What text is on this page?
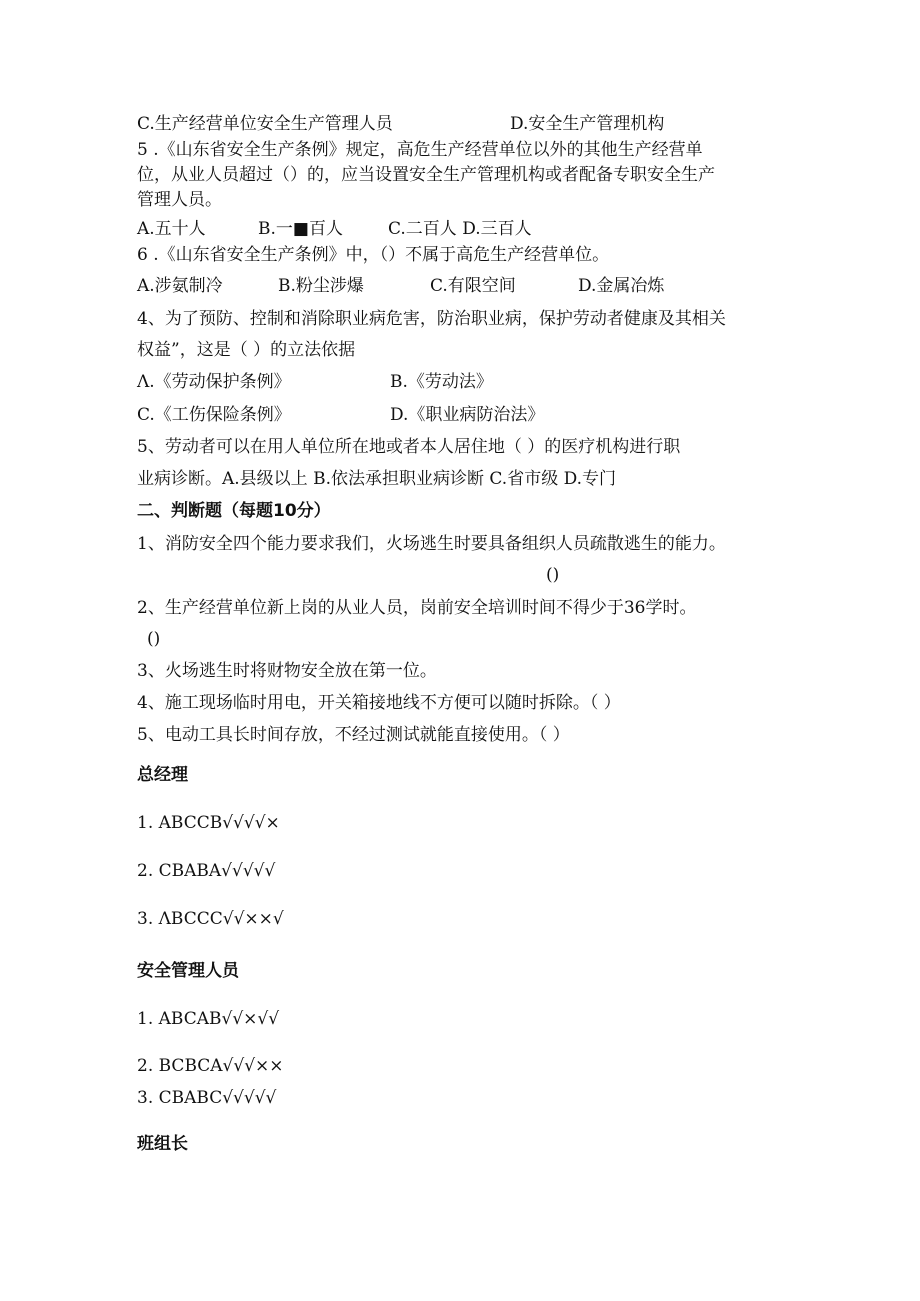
C.生产经营单位安全生产管理人员	D.安全生产管理机构
5 .《山东省安全生产条例》规定，高危生产经营单位以外的其他生产经营单
位，从业人员超过（）的，应当设置安全生产管理机构或者配备专职安全生产
管理人员。
A.五十人	B.一■百人	C.二百人 D.三百人
6 .《山东省安全生产条例》中，（）不属于高危生产经营单位。
A.涉氨制冷	B.粉尘涉爆	C.有限空间	D.金属冶炼
4、为了预防、控制和消除职业病危害，防治职业病，保护劳动者健康及其相关
权益”，这是（ ）的立法依据
Λ.《劳动保护条例》	B.《劳动法》
C.《工伤保险条例》	D.《职业病防治法》
5、劳动者可以在用人单位所在地或者本人居住地（ ）的医疗机构进行职
业病诊断。A.县级以上 B.依法承担职业病诊断 C.省市级 D.专门
二、判断题（每题10分）
1、消防安全四个能力要求我们，火场逃生时要具备组织人员疏散逃生的能力。
()
2、生产经营单位新上岗的从业人员，岗前安全培训时间不得少于36学时。
()
3、火场逃生时将财物安全放在第一位。
4、施工现场临时用电，开关箱接地线不方便可以随时拆除。（ ）
5、电动工具长时间存放，不经过测试就能直接使用。（ ）
总经理
1. ABCCB√√√√×
2. CBABA√√√√√
3. ΛBCCC√√××√
安全管理人员
1. ABCAB√√×√√
2. BCBCA√√√××
3. CBABC√√√√√
班组长
